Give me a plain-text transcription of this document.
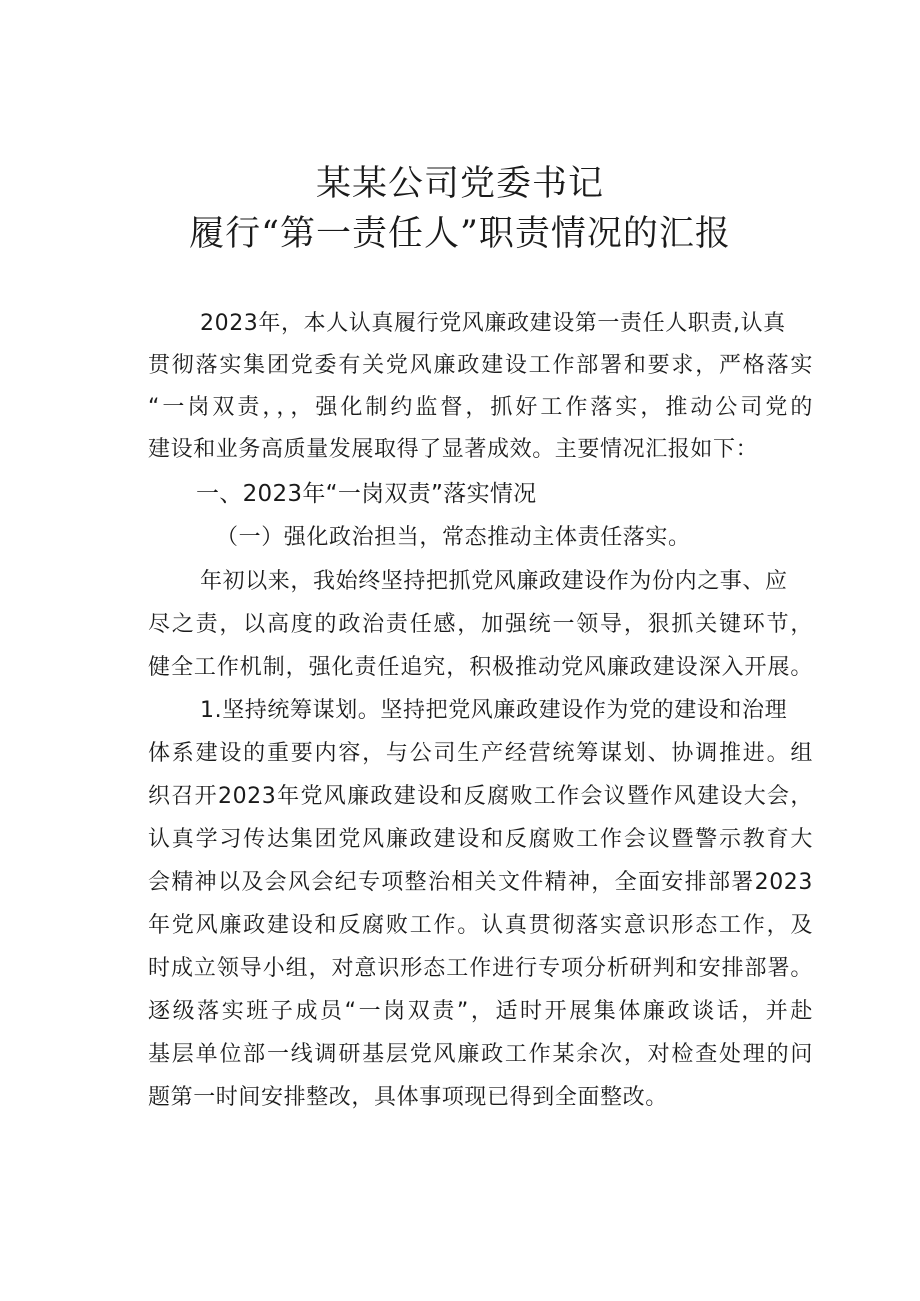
某某公司党委书记
履行“第一责任人”职责情况的汇报
2023年，本人认真履行党风廉政建设第一责任人职责,认真
贯彻落实集团党委有关党风廉政建设工作部署和要求，严格落实
“一岗双责，，，强化制约监督，抓好工作落实，推动公司党的
建设和业务高质量发展取得了显著成效。主要情况汇报如下：
一、2023年“一岗双责”落实情况
（一）强化政治担当，常态推动主体责任落实。
年初以来，我始终坚持把抓党风廉政建设作为份内之事、应
尽之责，以高度的政治责任感，加强统一领导，狠抓关键环节，
健全工作机制，强化责任追究，积极推动党风廉政建设深入开展。
1.坚持统筹谋划。坚持把党风廉政建设作为党的建设和治理
体系建设的重要内容，与公司生产经营统筹谋划、协调推进。组
织召开2023年党风廉政建设和反腐败工作会议暨作风建设大会，
认真学习传达集团党风廉政建设和反腐败工作会议暨警示教育大
会精神以及会风会纪专项整治相关文件精神，全面安排部署2023
年党风廉政建设和反腐败工作。认真贯彻落实意识形态工作，及
时成立领导小组，对意识形态工作进行专项分析研判和安排部署。
逐级落实班子成员“一岗双责”，适时开展集体廉政谈话，并赴
基层单位部一线调研基层党风廉政工作某余次，对检查处理的问
题第一时间安排整改，具体事项现已得到全面整改。
